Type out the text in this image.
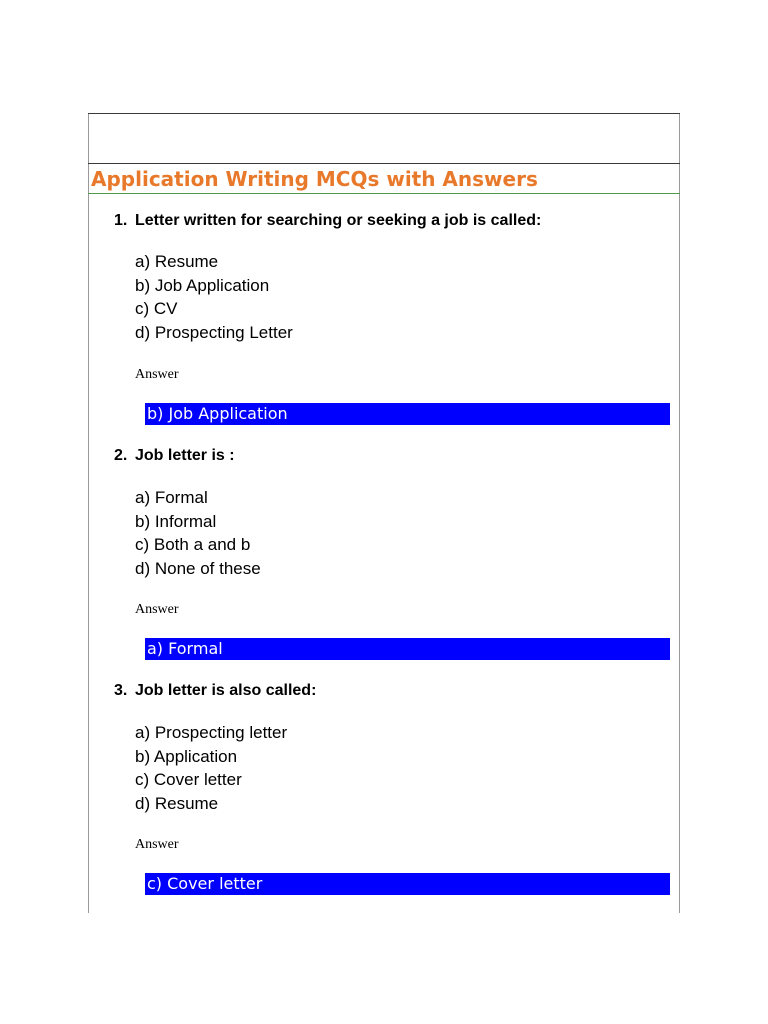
Application Writing MCQs with Answers
1. Letter written for searching or seeking a job is called:
a) Resume
b) Job Application
c) CV
d) Prospecting Letter
Answer
b) Job Application
2. Job letter is :
a) Formal
b) Informal
c) Both a and b
d) None of these
Answer
a) Formal
3. Job letter is also called:
a) Prospecting letter
b) Application
c) Cover letter
d) Resume
Answer
c) Cover letter
